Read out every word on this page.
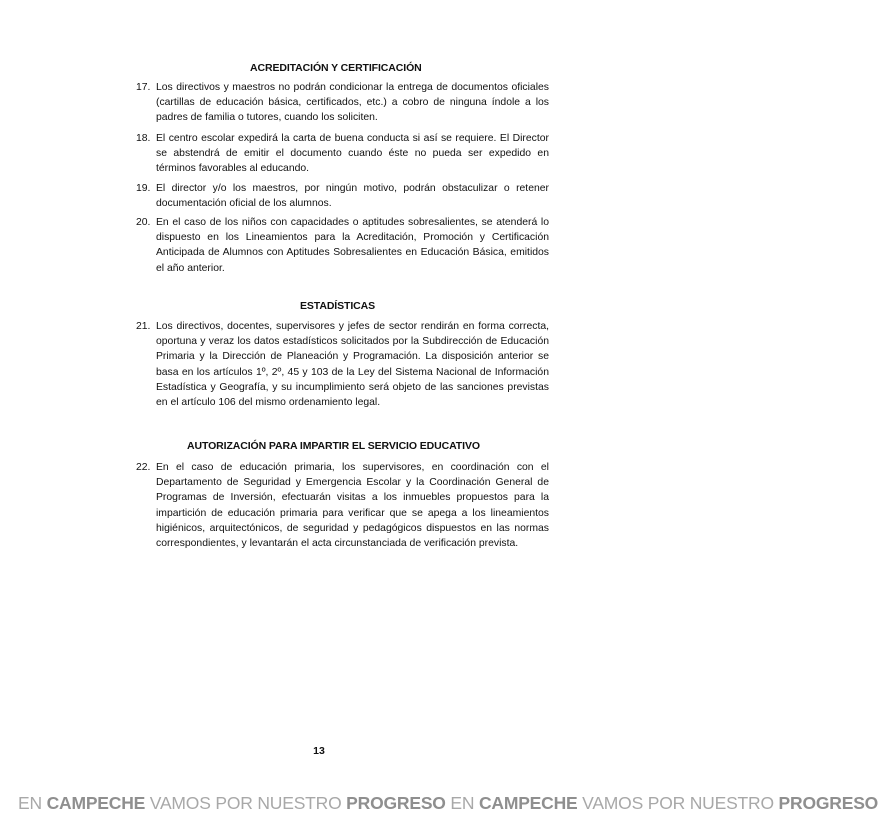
ACREDITACIÓN Y CERTIFICACIÓN
17. Los directivos y maestros no podrán condicionar la entrega de documentos oficiales (cartillas de educación básica, certificados, etc.) a cobro de ninguna índole a los padres de familia o tutores, cuando los soliciten.
18. El centro escolar expedirá la carta de buena conducta si así se requiere. El Director se abstendrá de emitir el documento cuando éste no pueda ser expedido en términos favorables al educando.
19. El director y/o los maestros, por ningún motivo, podrán obstaculizar o retener documentación oficial de los alumnos.
20. En el caso de los niños con capacidades o aptitudes sobresalientes, se atenderá lo dispuesto en los Lineamientos para la Acreditación, Promoción y Certificación Anticipada de Alumnos con Aptitudes Sobresalientes en Educación Básica, emitidos el año anterior.
ESTADÍSTICAS
21. Los directivos, docentes, supervisores y jefes de sector rendirán en forma correcta, oportuna y veraz los datos estadísticos solicitados por la Subdirección de Educación Primaria y la Dirección de Planeación y Programación. La disposición anterior se basa en los artículos 1º, 2º, 45 y 103 de la Ley del Sistema Nacional de Información Estadística y Geografía, y su incumplimiento será objeto de las sanciones previstas en el artículo 106 del mismo ordenamiento legal.
AUTORIZACIÓN PARA IMPARTIR EL SERVICIO EDUCATIVO
22. En el caso de educación primaria, los supervisores, en coordinación con el Departamento de Seguridad y Emergencia Escolar y la Coordinación General de Programas de Inversión, efectuarán visitas a los inmuebles propuestos para la impartición de educación primaria para verificar que se apega a los lineamientos higiénicos, arquitectónicos, de seguridad y pedagógicos dispuestos en las normas correspondientes, y levantarán el acta circunstanciada de verificación prevista.
13
EN CAMPECHE VAMOS POR NUESTRO PROGRESO EN CAMPECHE VAMOS POR NUESTRO PROGRESO
